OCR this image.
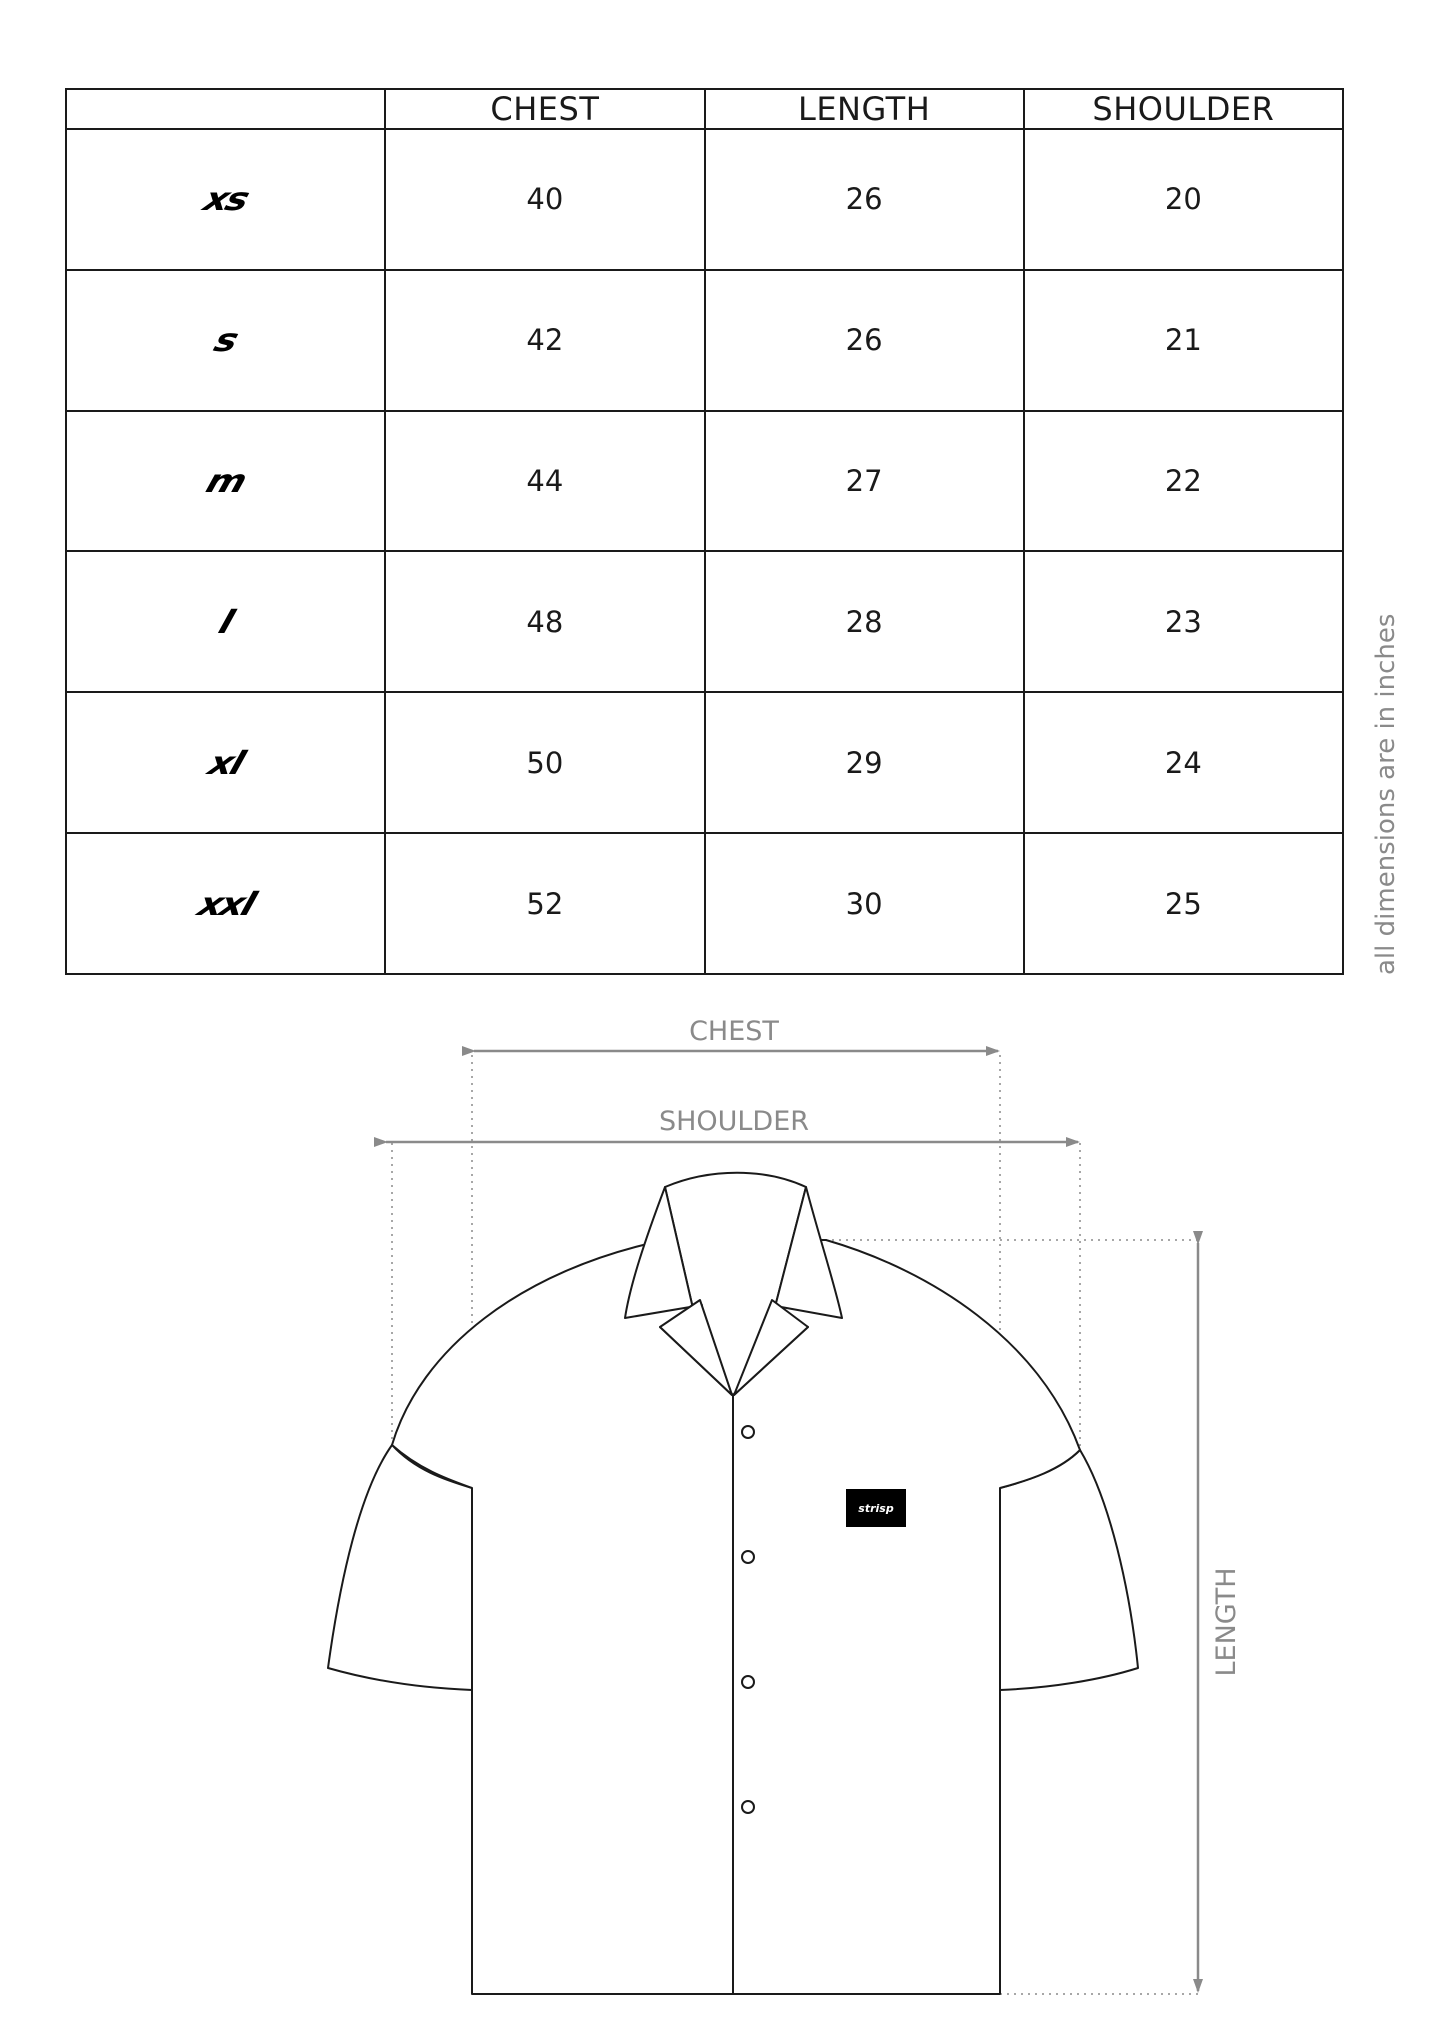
	CHEST	LENGTH	SHOULDER
xs	40	26	20
s	42	26	21
m	44	27	22
l	48	28	23
xl	50	29	24
xxl	52	30	25	all dimensions are in inches
CHEST
SHOULDER
LENGTH
strisp
